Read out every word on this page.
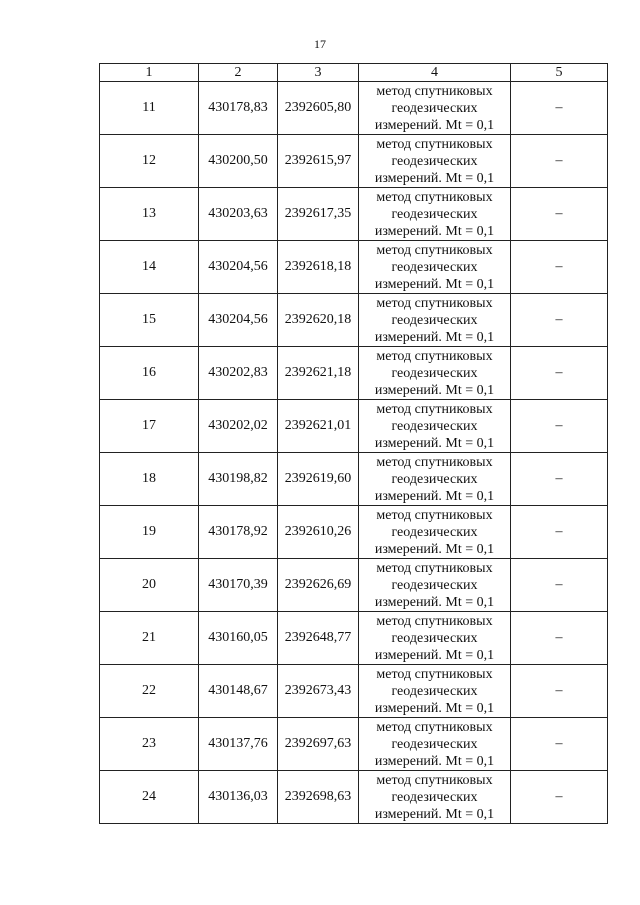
17
1	2	3	4	5
11	430178,83	2392605,80	метод спутниковых
геодезических
измерений. Mt = 0,1	–
12	430200,50	2392615,97	метод спутниковых
геодезических
измерений. Mt = 0,1	–
13	430203,63	2392617,35	метод спутниковых
геодезических
измерений. Mt = 0,1	–
14	430204,56	2392618,18	метод спутниковых
геодезических
измерений. Mt = 0,1	–
15	430204,56	2392620,18	метод спутниковых
геодезических
измерений. Mt = 0,1	–
16	430202,83	2392621,18	метод спутниковых
геодезических
измерений. Mt = 0,1	–
17	430202,02	2392621,01	метод спутниковых
геодезических
измерений. Mt = 0,1	–
18	430198,82	2392619,60	метод спутниковых
геодезических
измерений. Mt = 0,1	–
19	430178,92	2392610,26	метод спутниковых
геодезических
измерений. Mt = 0,1	–
20	430170,39	2392626,69	метод спутниковых
геодезических
измерений. Mt = 0,1	–
21	430160,05	2392648,77	метод спутниковых
геодезических
измерений. Mt = 0,1	–
22	430148,67	2392673,43	метод спутниковых
геодезических
измерений. Mt = 0,1	–
23	430137,76	2392697,63	метод спутниковых
геодезических
измерений. Mt = 0,1	–
24	430136,03	2392698,63	метод спутниковых
геодезических
измерений. Mt = 0,1	–
